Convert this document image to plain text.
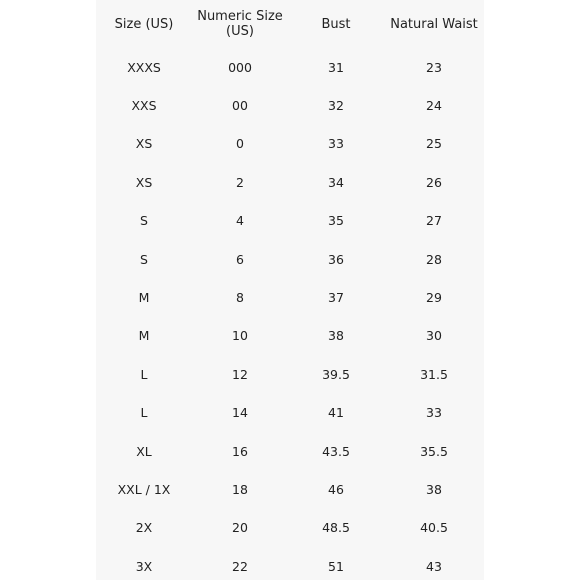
Size (US)	Numeric Size (US)	Bust	Natural Waist
XXXS	000	31	23
XXS	00	32	24
XS	0	33	25
XS	2	34	26
S	4	35	27
S	6	36	28
M	8	37	29
M	10	38	30
L	12	39.5	31.5
L	14	41	33
XL	16	43.5	35.5
XXL / 1X	18	46	38
2X	20	48.5	40.5
3X	22	51	43
